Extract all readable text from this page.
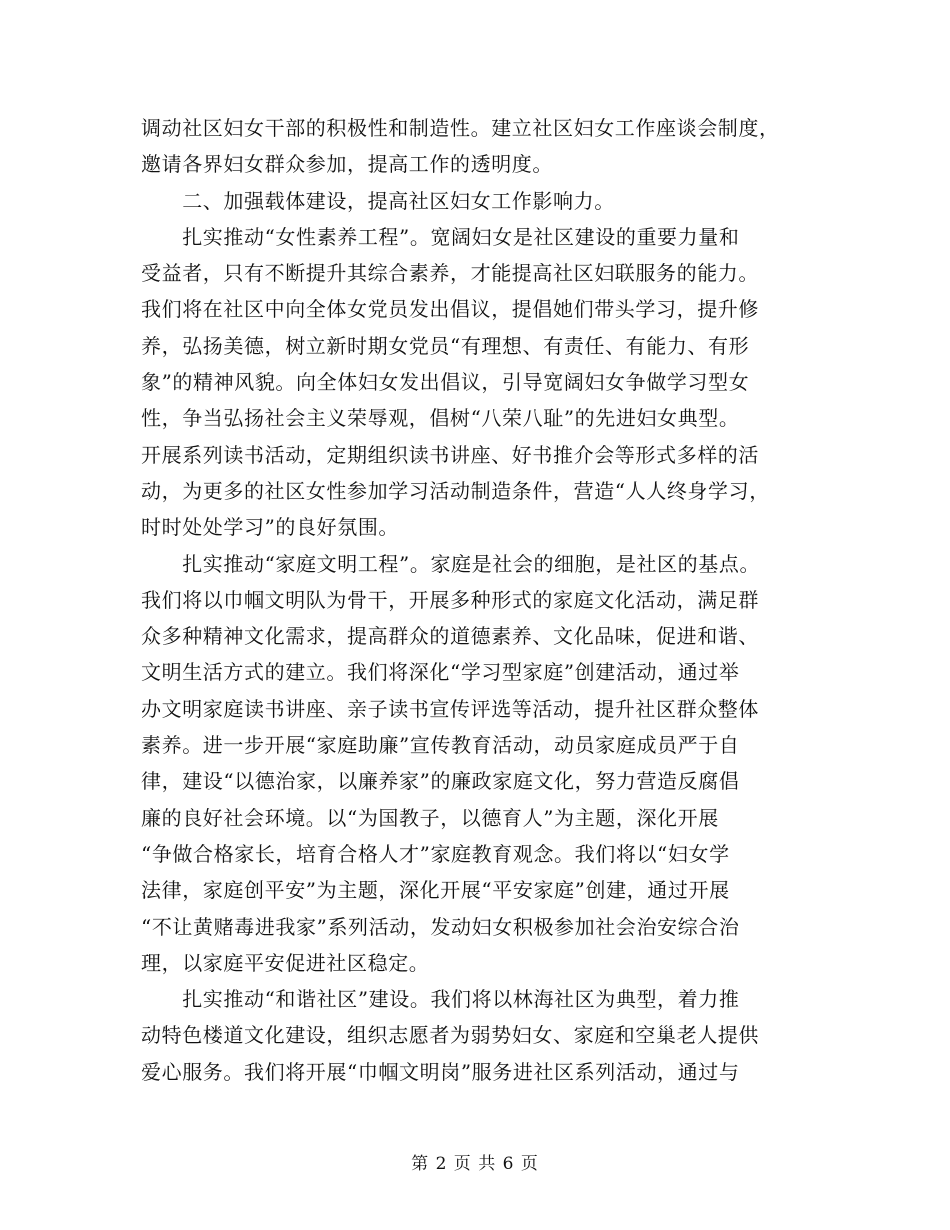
调动社区妇女干部的积极性和制造性。建立社区妇女工作座谈会制度，
邀请各界妇女群众参加，提高工作的透明度。
　　二、加强载体建设，提高社区妇女工作影响力。
　　扎实推动“女性素养工程”。宽阔妇女是社区建设的重要力量和
受益者，只有不断提升其综合素养，才能提高社区妇联服务的能力。
我们将在社区中向全体女党员发出倡议，提倡她们带头学习，提升修
养，弘扬美德，树立新时期女党员“有理想、有责任、有能力、有形
象”的精神风貌。向全体妇女发出倡议，引导宽阔妇女争做学习型女
性，争当弘扬社会主义荣辱观，倡树“八荣八耻”的先进妇女典型。
开展系列读书活动，定期组织读书讲座、好书推介会等形式多样的活
动，为更多的社区女性参加学习活动制造条件，营造“人人终身学习，
时时处处学习”的良好氛围。
　　扎实推动“家庭文明工程”。家庭是社会的细胞，是社区的基点。
我们将以巾帼文明队为骨干，开展多种形式的家庭文化活动，满足群
众多种精神文化需求，提高群众的道德素养、文化品味，促进和谐、
文明生活方式的建立。我们将深化“学习型家庭”创建活动，通过举
办文明家庭读书讲座、亲子读书宣传评选等活动，提升社区群众整体
素养。进一步开展“家庭助廉”宣传教育活动，动员家庭成员严于自
律，建设“以德治家，以廉养家”的廉政家庭文化，努力营造反腐倡
廉的良好社会环境。以“为国教子，以德育人”为主题，深化开展
“争做合格家长，培育合格人才”家庭教育观念。我们将以“妇女学
法律，家庭创平安”为主题，深化开展“平安家庭”创建，通过开展
“不让黄赌毒进我家”系列活动，发动妇女积极参加社会治安综合治
理，以家庭平安促进社区稳定。
　　扎实推动“和谐社区”建设。我们将以林海社区为典型，着力推
动特色楼道文化建设，组织志愿者为弱势妇女、家庭和空巢老人提供
爱心服务。我们将开展“巾帼文明岗”服务进社区系列活动，通过与
第 2 页 共 6 页
